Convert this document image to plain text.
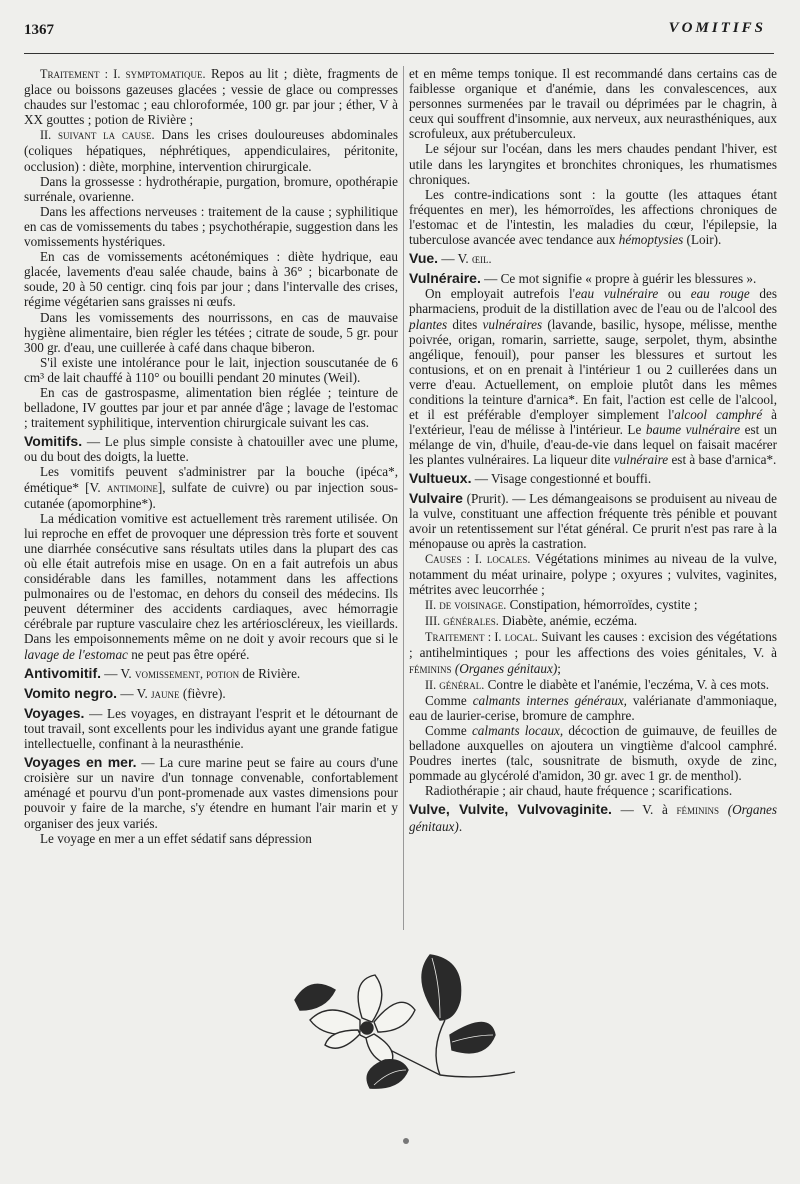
1367	VOMITIFS

Traitement : I. symptomatique. Repos au lit ; diète, fragments de glace ou boissons gazeuses glacées ; vessie de glace ou compresses chaudes sur l'estomac ; eau chloroformée, 100 gr. par jour ; éther, V à XX gouttes ; potion de Rivière ;

II. suivant la cause. Dans les crises douloureuses abdominales (coliques hépatiques, néphrétiques, appendiculaires, péritonite, occlusion) : diète, morphine, intervention chirurgicale.

Dans la grossesse : hydrothérapie, purgation, bromure, opothérapie surrénale, ovarienne.

Dans les affections nerveuses : traitement de la cause ; syphilitique en cas de vomissements du tabes ; psychothérapie, suggestion dans les vomissements hystériques.

En cas de vomissements acétonémiques : diète hydrique, eau glacée, lavements d'eau salée chaude, bains à 36° ; bicarbonate de soude, 20 à 50 centigr. cinq fois par jour ; dans l'intervalle des crises, régime végétarien sans graisses ni œufs.

Dans les vomissements des nourrissons, en cas de mauvaise hygiène alimentaire, bien régler les tétées ; citrate de soude, 5 gr. pour 300 gr. d'eau, une cuillerée à café dans chaque biberon.

S'il existe une intolérance pour le lait, injection souscutanée de 6 cm³ de lait chauffé à 110° ou bouilli pendant 20 minutes (Weil).

En cas de gastrospasme, alimentation bien réglée ; teinture de belladone, IV gouttes par jour et par année d'âge ; lavage de l'estomac ; traitement syphilitique, intervention chirurgicale suivant les cas.

Vomitifs. — Le plus simple consiste à chatouiller avec une plume, ou du bout des doigts, la luette.

Les vomitifs peuvent s'administrer par la bouche (ipéca*, émétique* [V. antimoine], sulfate de cuivre) ou par injection sous-cutanée (apomorphine*).

La médication vomitive est actuellement très rarement utilisée. On lui reproche en effet de provoquer une dépression très forte et souvent une diarrhée consécutive sans résultats utiles dans la plupart des cas où elle était autrefois mise en usage. On en a fait autrefois un abus considérable dans les familles, notamment dans les affections pulmonaires ou de l'estomac, en dehors du conseil des médecins. Ils peuvent déterminer des accidents cardiaques, avec hémorragie cérébrale par rupture vasculaire chez les artérioscléreux, les vieillards. Dans les empoisonnements même on ne doit y avoir recours que si le lavage de l'estomac ne peut pas être opéré.

Antivomitif. — V. vomissement, potion de Rivière.

Vomito negro. — V. jaune (fièvre).

Voyages. — Les voyages, en distrayant l'esprit et le détournant de tout travail, sont excellents pour les individus ayant une grande fatigue intellectuelle, confinant à la neurasthénie.

Voyages en mer. — La cure marine peut se faire au cours d'une croisière sur un navire d'un tonnage convenable, confortablement aménagé et pourvu d'un pont-promenade aux vastes dimensions pour pouvoir y faire de la marche, s'y étendre en humant l'air marin et y organiser des jeux variés.

Le voyage en mer a un effet sédatif sans dépression

et en même temps tonique. Il est recommandé dans certains cas de faiblesse organique et d'anémie, dans les convalescences, aux personnes surmenées par le travail ou déprimées par le chagrin, à ceux qui souffrent d'insomnie, aux nerveux, aux neurasthéniques, aux scrofuleux, aux prétuberculeux.

Le séjour sur l'océan, dans les mers chaudes pendant l'hiver, est utile dans les laryngites et bronchites chroniques, les rhumatismes chroniques.

Les contre-indications sont : la goutte (les attaques étant fréquentes en mer), les hémorroïdes, les affections chroniques de l'estomac et de l'intestin, les maladies du cœur, l'épilepsie, la tuberculose avancée avec tendance aux hémoptysies (Loir).

Vue. — V. œil.

Vulnéraire. — Ce mot signifie « propre à guérir les blessures ».

On employait autrefois l'eau vulnéraire ou eau rouge des pharmaciens, produit de la distillation avec de l'eau ou de l'alcool des plantes dites vulnéraires (lavande, basilic, hysope, mélisse, menthe poivrée, origan, romarin, sarriette, sauge, serpolet, thym, absinthe angélique, fenouil), pour panser les blessures et surtout les contusions, et on en prenait à l'intérieur 1 ou 2 cuillerées dans un verre d'eau. Actuellement, on emploie plutôt dans les mêmes conditions la teinture d'arnica*. En fait, l'action est celle de l'alcool, et il est préférable d'employer simplement l'alcool camphré à l'extérieur, l'eau de mélisse à l'intérieur. Le baume vulnéraire est un mélange de vin, d'huile, d'eau-de-vie dans lequel on faisait macérer les plantes vulnéraires. La liqueur dite vulnéraire est à base d'arnica*.

Vultueux. — Visage congestionné et bouffi.

Vulvaire (Prurit). — Les démangeaisons se produisent au niveau de la vulve, constituant une affection fréquente très pénible et pouvant avoir un retentissement sur l'état général. Ce prurit n'est pas rare à la ménopause ou après la castration.

Causes : I. locales. Végétations minimes au niveau de la vulve, notamment du méat urinaire, polype ; oxyures ; vulvites, vaginites, métrites avec leucorrhée ;

II. de voisinage. Constipation, hémorroïdes, cystite ;

III. générales. Diabète, anémie, eczéma.

Traitement : I. local. Suivant les causes : excision des végétations ; antihelmintiques ; pour les affections des voies génitales, V. à féminins (Organes génitaux);

II. général. Contre le diabète et l'anémie, l'eczéma, V. à ces mots.

Comme calmants internes généraux, valérianate d'ammoniaque, eau de laurier-cerise, bromure de camphre.

Comme calmants locaux, décoction de guimauve, de feuilles de belladone auxquelles on ajoutera un vingtième d'alcool camphré. Poudres inertes (talc, sousnitrate de bismuth, oxyde de zinc, pommade au glycérolé d'amidon, 30 gr. avec 1 gr. de menthol).

Radiothérapie ; air chaud, haute fréquence ; scarifications.

Vulve, Vulvite, Vulvovaginite. — V. à féminins (Organes génitaux).
